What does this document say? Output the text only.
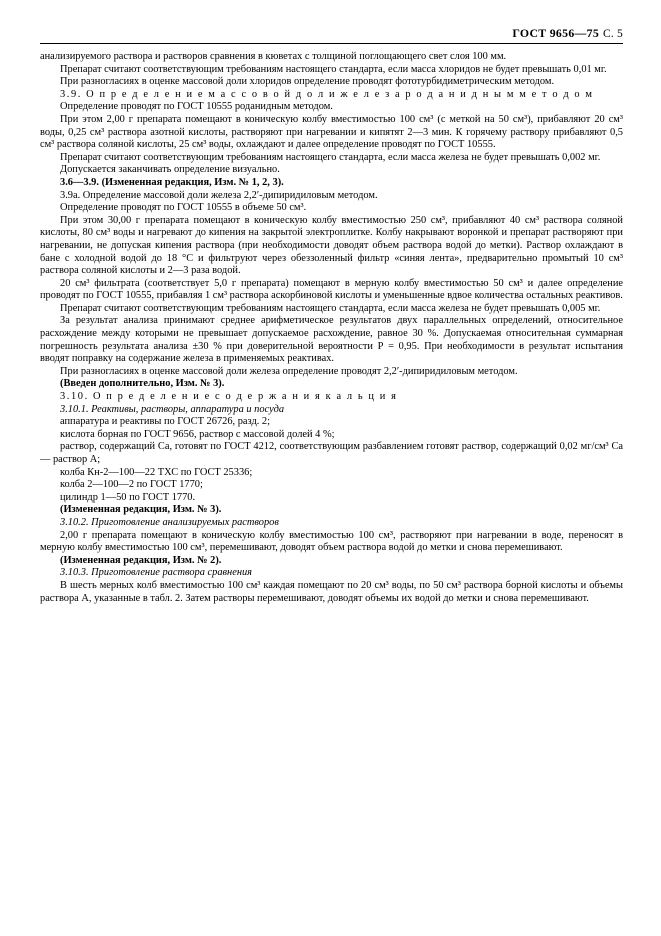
ГОСТ 9656—75 С. 5

анализируемого раствора и растворов сравнения в кюветах с толщиной поглощающего свет слоя 100 мм.

Препарат считают соответствующим требованиям настоящего стандарта, если масса хлоридов не будет превышать 0,01 мг.

При разногласиях в оценке массовой доли хлоридов определение проводят фототурбидиметрическим методом.

3.9. О п р е д е л е н и е м а с с о в о й д о л и ж е л е з а р о д а н и д н ы м м е т о д о м

Определение проводят по ГОСТ 10555 роданидным методом.

При этом 2,00 г препарата помещают в коническую колбу вместимостью 100 см³ (с меткой на 50 см³), прибавляют 20 см³ воды, 0,25 см³ раствора азотной кислоты, растворяют при нагревании и кипятят 2—3 мин. К горячему раствору прибавляют 0,5 см³ раствора соляной кислоты, 25 см³ воды, охлаждают и далее определение проводят по ГОСТ 10555.

Препарат считают соответствующим требованиям настоящего стандарта, если масса железа не будет превышать 0,002 мг.

Допускается заканчивать определение визуально.

3.6—3.9. (Измененная редакция, Изм. № 1, 2, 3).

3.9а. Определение массовой доли железа 2,2′-дипиридиловым методом.

Определение проводят по ГОСТ 10555 в объеме 50 см³.

При этом 30,00 г препарата помещают в коническую колбу вместимостью 250 см³, прибавляют 40 см³ раствора соляной кислоты, 80 см³ воды и нагревают до кипения на закрытой электроплитке. Колбу накрывают воронкой и препарат растворяют при нагревании, не допуская кипения раствора (при необходимости доводят объем раствора водой до метки). Раствор охлаждают в бане с холодной водой до 18 °С и фильтруют через обеззоленный фильтр «синяя лента», предварительно промытый 10 см³ раствора соляной кислоты и 2—3 раза водой.

20 см³ фильтрата (соответствует 5,0 г препарата) помещают в мерную колбу вместимостью 50 см³ и далее определение проводят по ГОСТ 10555, прибавляя 1 см³ раствора аскорбиновой кислоты и уменьшенные вдвое количества остальных реактивов.

Препарат считают соответствующим требованиям настоящего стандарта, если масса железа не будет превышать 0,005 мг.

За результат анализа принимают среднее арифметическое результатов двух параллельных определений, относительное расхождение между которыми не превышает допускаемое расхождение, равное 30 %. Допускаемая относительная суммарная погрешность результата анализа ±30 % при доверительной вероятности Р = 0,95. При необходимости в результат испытания вводят поправку на содержание железа в применяемых реактивах.

При разногласиях в оценке массовой доли железа определение проводят 2,2′-дипиридиловым методом.

(Введен дополнительно, Изм. № 3).

3.10. О п р е д е л е н и е с о д е р ж а н и я к а л ь ц и я

3.10.1. Реактивы, растворы, аппаратура и посуда

аппаратура и реактивы по ГОСТ 26726, разд. 2;

кислота борная по ГОСТ 9656, раствор с массовой долей 4 %;

раствор, содержащий Са, готовят по ГОСТ 4212, соответствующим разбавлением готовят раствор, содержащий 0,02 мг/см³ Са — раствор А;

колба Кн-2—100—22 ТХС по ГОСТ 25336;

колба 2—100—2 по ГОСТ 1770;

цилиндр 1—50 по ГОСТ 1770.

(Измененная редакция, Изм. № 3).

3.10.2. Приготовление анализируемых растворов

2,00 г препарата помещают в коническую колбу вместимостью 100 см³, растворяют при нагревании в воде, переносят в мерную колбу вместимостью 100 см³, перемешивают, доводят объем раствора водой до метки и снова перемешивают.

(Измененная редакция, Изм. № 2).

3.10.3. Приготовление раствора сравнения

В шесть мерных колб вместимостью 100 см³ каждая помещают по 20 см³ воды, по 50 см³ раствора борной кислоты и объемы раствора А, указанные в табл. 2. Затем растворы перемешивают, доводят объемы их водой до метки и снова перемешивают.
